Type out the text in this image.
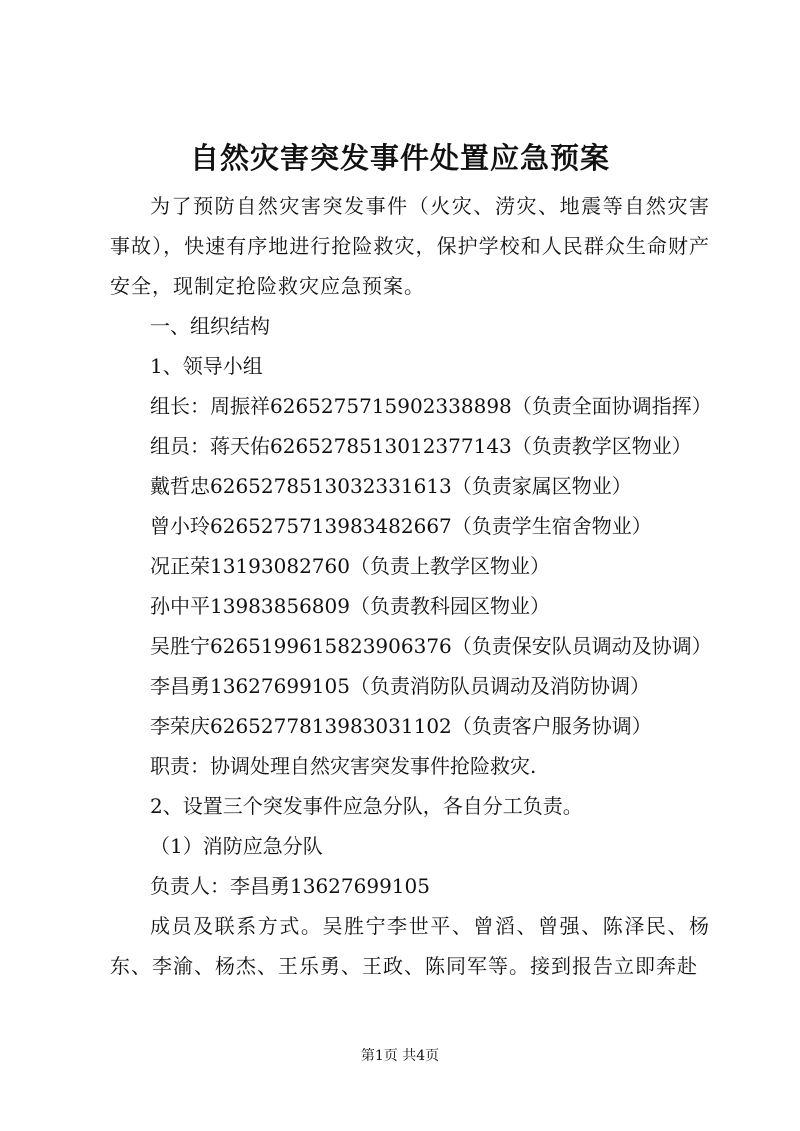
自然灾害突发事件处置应急预案

为了预防自然灾害突发事件（火灾、涝灾、地震等自然灾害事故），快速有序地进行抢险救灾，保护学校和人民群众生命财产安全，现制定抢险救灾应急预案。

一、组织结构

1、领导小组

组长：周振祥6265275715902338898（负责全面协调指挥）

组员：蒋天佑6265278513012377143（负责教学区物业）

戴哲忠6265278513032331613（负责家属区物业）

曾小玲6265275713983482667（负责学生宿舍物业）

况正荣13193082760（负责上教学区物业）

孙中平13983856809（负责教科园区物业）

吴胜宁6265199615823906376（负责保安队员调动及协调）

李昌勇13627699105（负责消防队员调动及消防协调）

李荣庆6265277813983031102（负责客户服务协调）

职责：协调处理自然灾害突发事件抢险救灾.

2、设置三个突发事件应急分队，各自分工负责。

（1）消防应急分队

负责人：李昌勇13627699105

成员及联系方式。吴胜宁李世平、曾滔、曾强、陈泽民、杨东、李渝、杨杰、王乐勇、王政、陈同军等。接到报告立即奔赴

第1页 共4页
